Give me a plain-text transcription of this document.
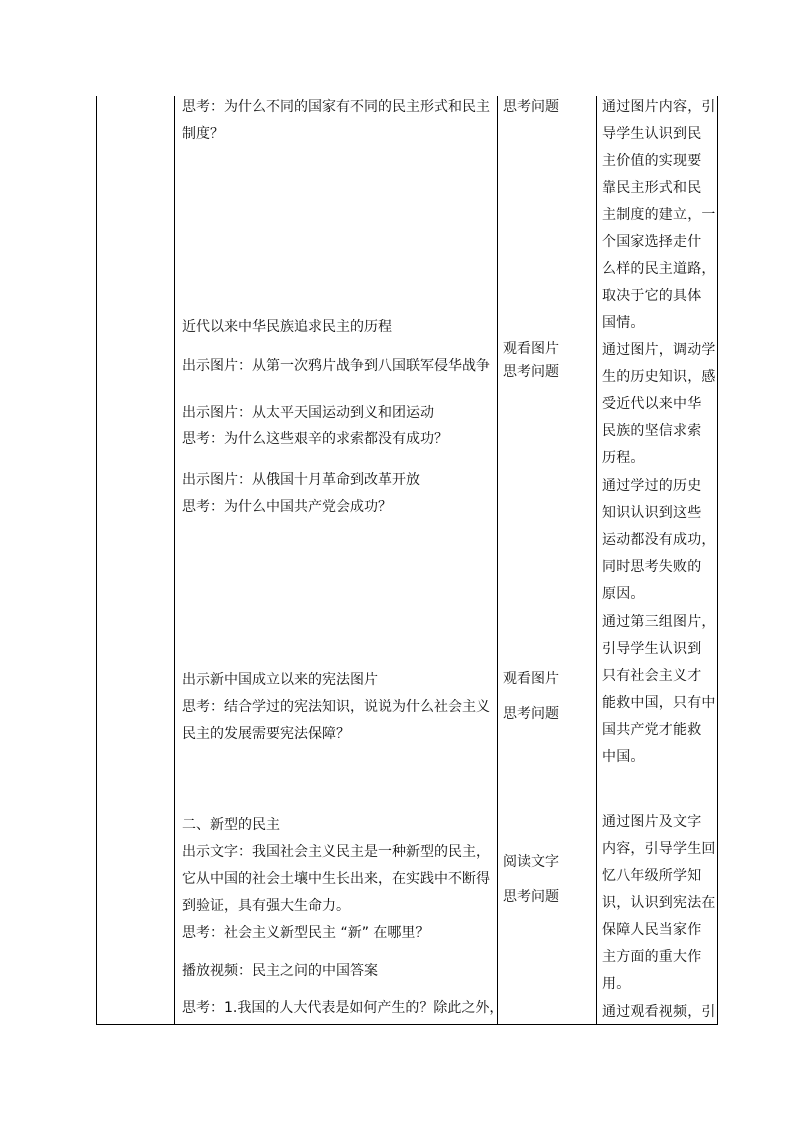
思考：为什么不同的国家有不同的民主形式和民主
制度？
近代以来中华民族追求民主的历程
出示图片：从第一次鸦片战争到八国联军侵华战争
出示图片：从太平天国运动到义和团运动
思考：为什么这些艰辛的求索都没有成功？
出示图片：从俄国十月革命到改革开放
思考：为什么中国共产党会成功？
出示新中国成立以来的宪法图片
思考：结合学过的宪法知识，说说为什么社会主义
民主的发展需要宪法保障？
二、新型的民主
出示文字：我国社会主义民主是一种新型的民主，
它从中国的社会土壤中生长出来，在实践中不断得
到验证，具有强大生命力。
思考：社会主义新型民主 “新” 在哪里？
播放视频：民主之问的中国答案
思考：1.我国的人大代表是如何产生的？除此之外，
思考问题
观看图片
思考问题
观看图片
思考问题
阅读文字
思考问题
通过图片内容，引
导学生认识到民
主价值的实现要
靠民主形式和民
主制度的建立，一
个国家选择走什
么样的民主道路，
取决于它的具体
国情。
通过图片，调动学
生的历史知识，感
受近代以来中华
民族的坚信求索
历程。
通过学过的历史
知识认识到这些
运动都没有成功，
同时思考失败的
原因。
通过第三组图片，
引导学生认识到
只有社会主义才
能救中国，只有中
国共产党才能救
中国。
通过图片及文字
内容，引导学生回
忆八年级所学知
识，认识到宪法在
保障人民当家作
主方面的重大作
用。
通过观看视频，引
